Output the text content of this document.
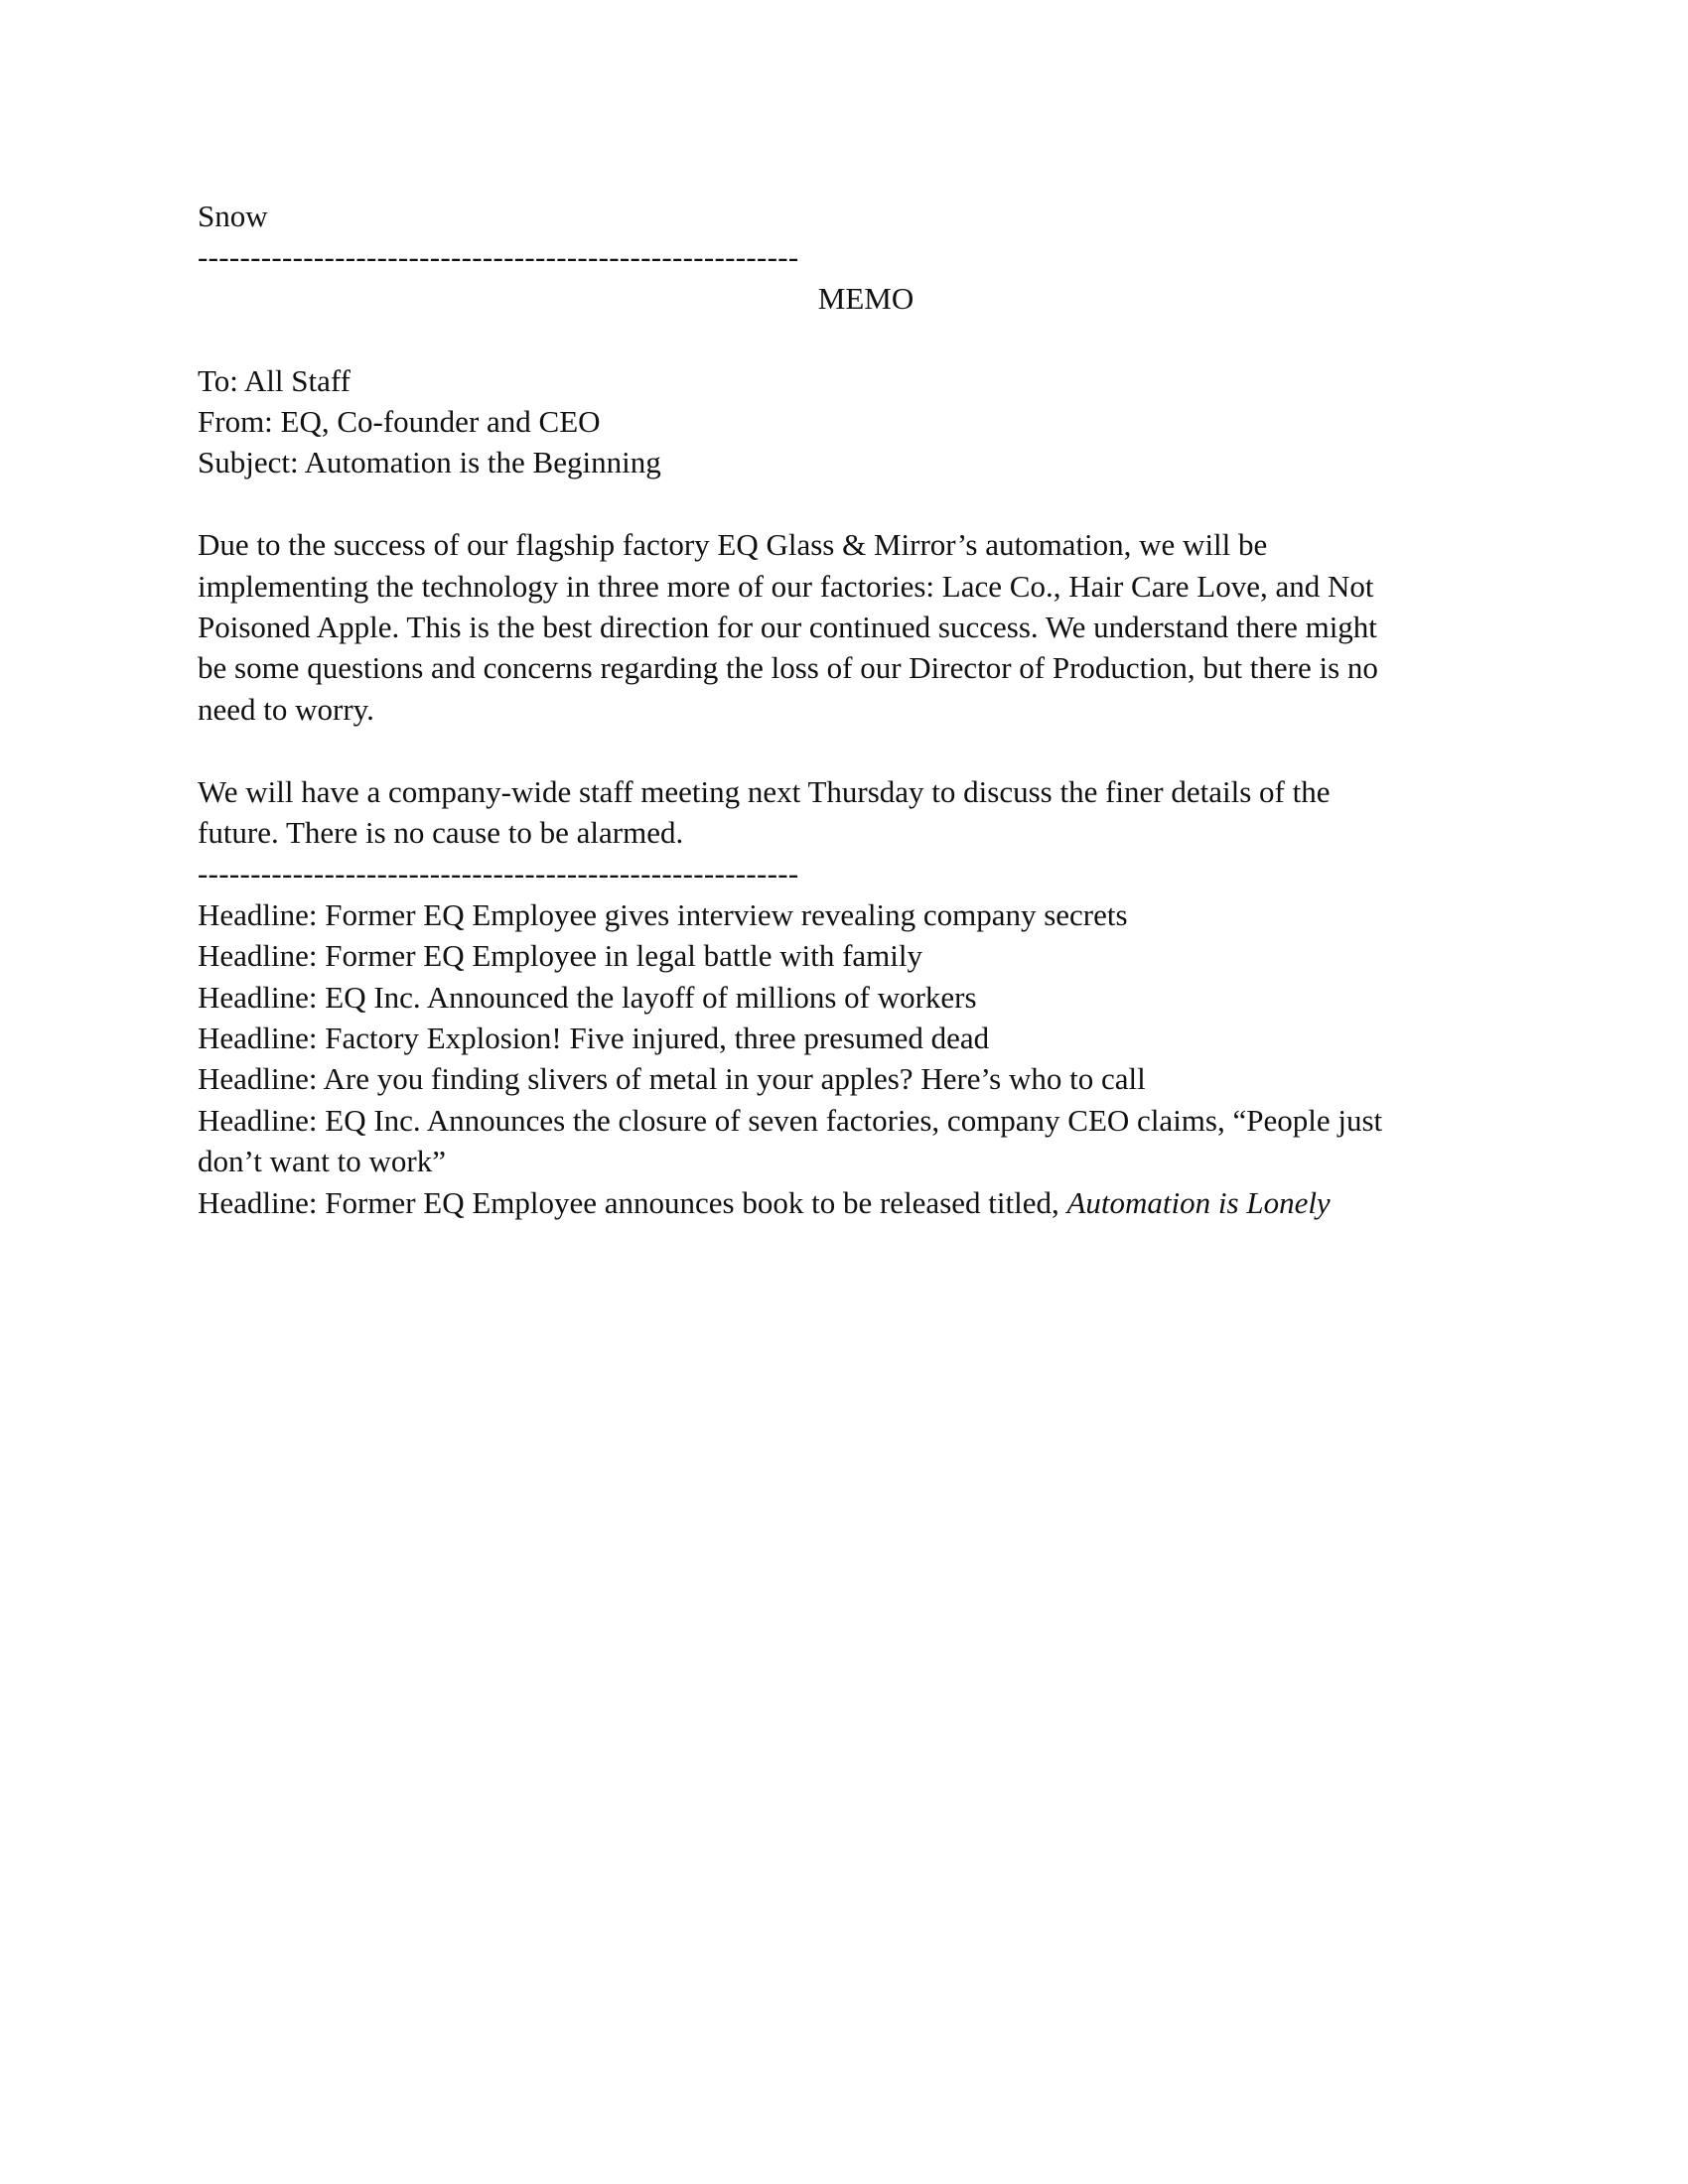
Snow
---------------------------------------------------------
MEMO
To: All Staff
From: EQ, Co-founder and CEO
Subject: Automation is the Beginning
Due to the success of our flagship factory EQ Glass & Mirror’s automation, we will be
implementing the technology in three more of our factories: Lace Co., Hair Care Love, and Not
Poisoned Apple. This is the best direction for our continued success. We understand there might
be some questions and concerns regarding the loss of our Director of Production, but there is no
need to worry.
We will have a company-wide staff meeting next Thursday to discuss the finer details of the
future. There is no cause to be alarmed.
---------------------------------------------------------
Headline: Former EQ Employee gives interview revealing company secrets
Headline: Former EQ Employee in legal battle with family
Headline: EQ Inc. Announced the layoff of millions of workers
Headline: Factory Explosion! Five injured, three presumed dead
Headline: Are you finding slivers of metal in your apples? Here’s who to call
Headline: EQ Inc. Announces the closure of seven factories, company CEO claims, “People just
don’t want to work”
Headline: Former EQ Employee announces book to be released titled, Automation is Lonely
